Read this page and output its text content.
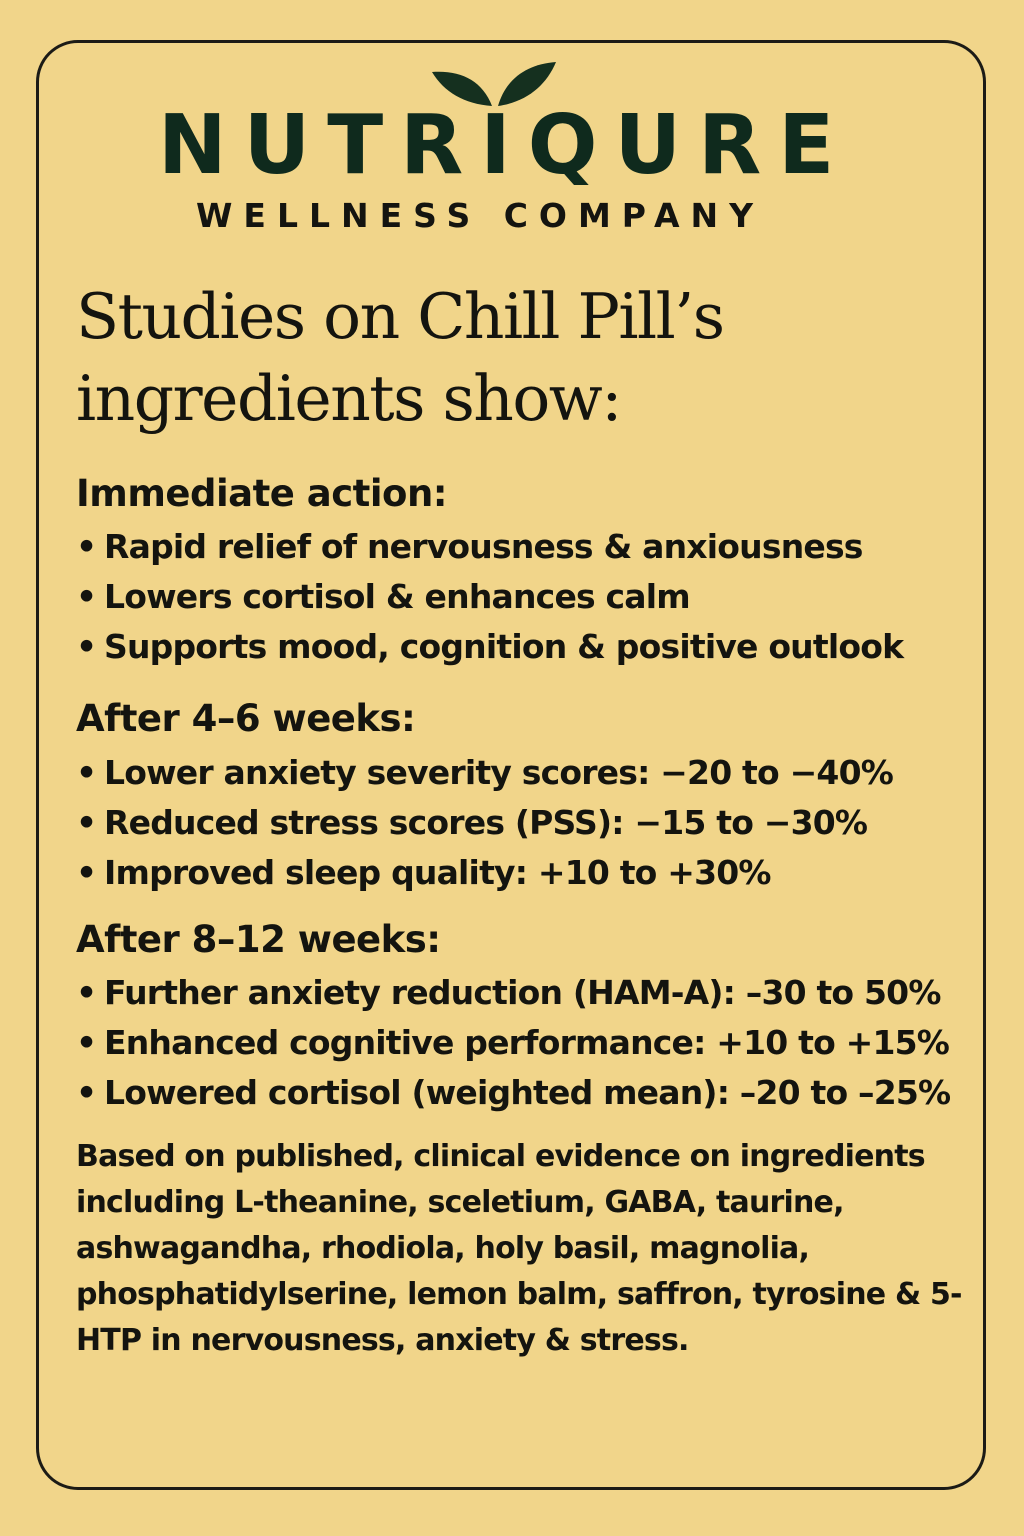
NUTRIQURE
WELLNESS COMPANY
Studies on Chill Pill’s ingredients show:
Immediate action:
• Rapid relief of nervousness & anxiousness
• Lowers cortisol & enhances calm
• Supports mood, cognition & positive outlook
After 4–6 weeks:
• Lower anxiety severity scores: −20 to −40%
• Reduced stress scores (PSS): −15 to −30%
• Improved sleep quality: +10 to +30%
After 8–12 weeks:
• Further anxiety reduction (HAM-A): –30 to 50%
• Enhanced cognitive performance: +10 to +15%
• Lowered cortisol (weighted mean): –20 to –25%

Based on published, clinical evidence on ingredients including L-theanine, sceletium, GABA, taurine, ashwagandha, rhodiola, holy basil, magnolia, phosphatidylserine, lemon balm, saffron, tyrosine & 5-HTP in nervousness, anxiety & stress.
